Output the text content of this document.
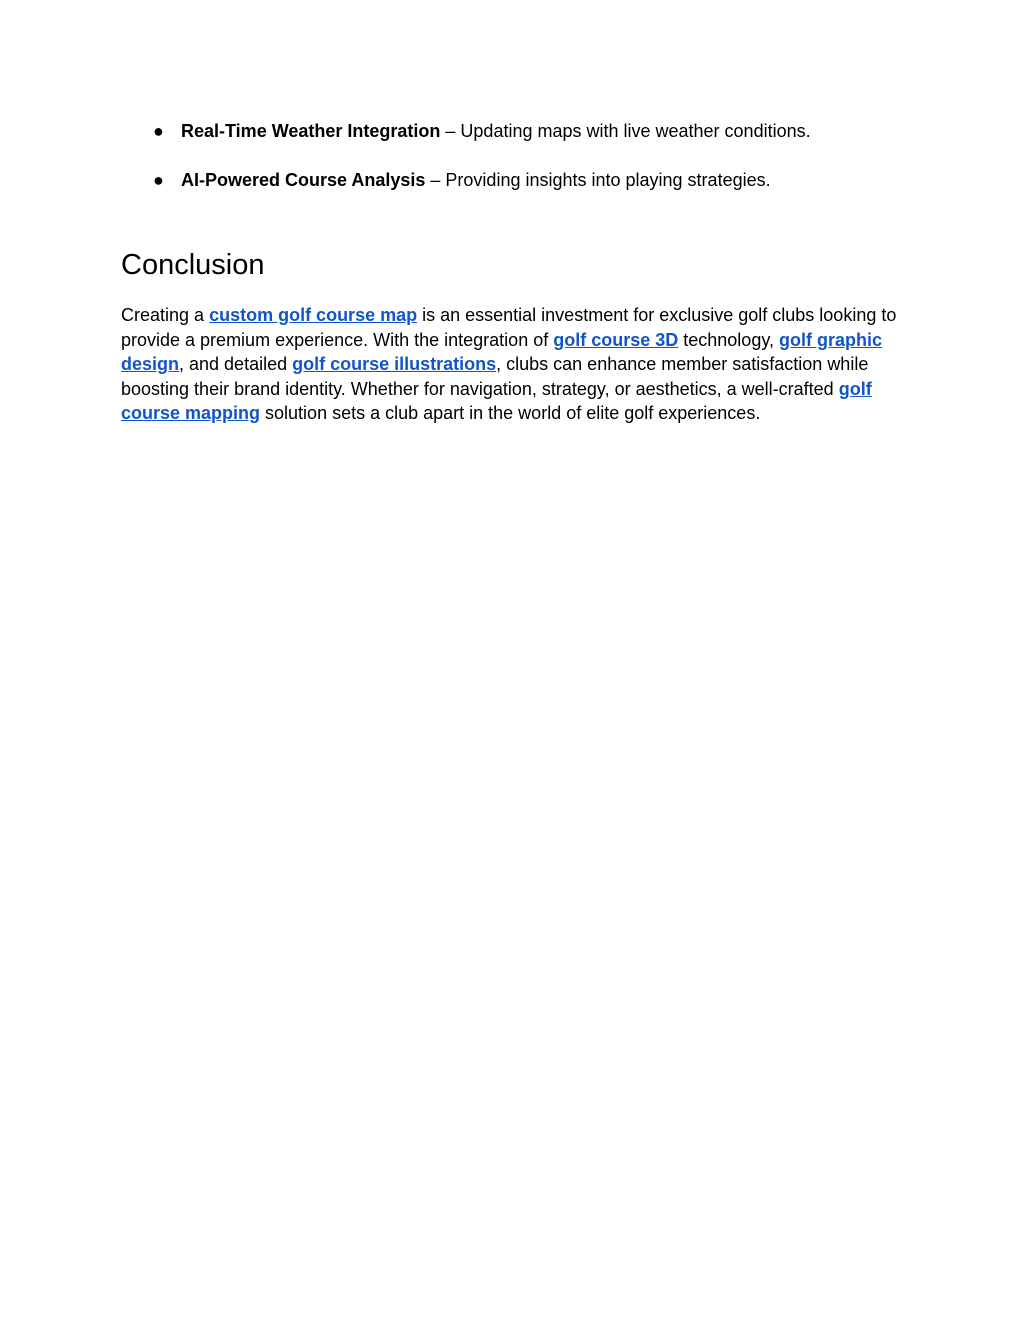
● Real-Time Weather Integration – Updating maps with live weather conditions.
● AI-Powered Course Analysis – Providing insights into playing strategies.
Conclusion

Creating a custom golf course map is an essential investment for exclusive golf clubs looking to provide a premium experience. With the integration of golf course 3D technology, golf graphic design, and detailed golf course illustrations, clubs can enhance member satisfaction while boosting their brand identity. Whether for navigation, strategy, or aesthetics, a well-crafted golf course mapping solution sets a club apart in the world of elite golf experiences.
